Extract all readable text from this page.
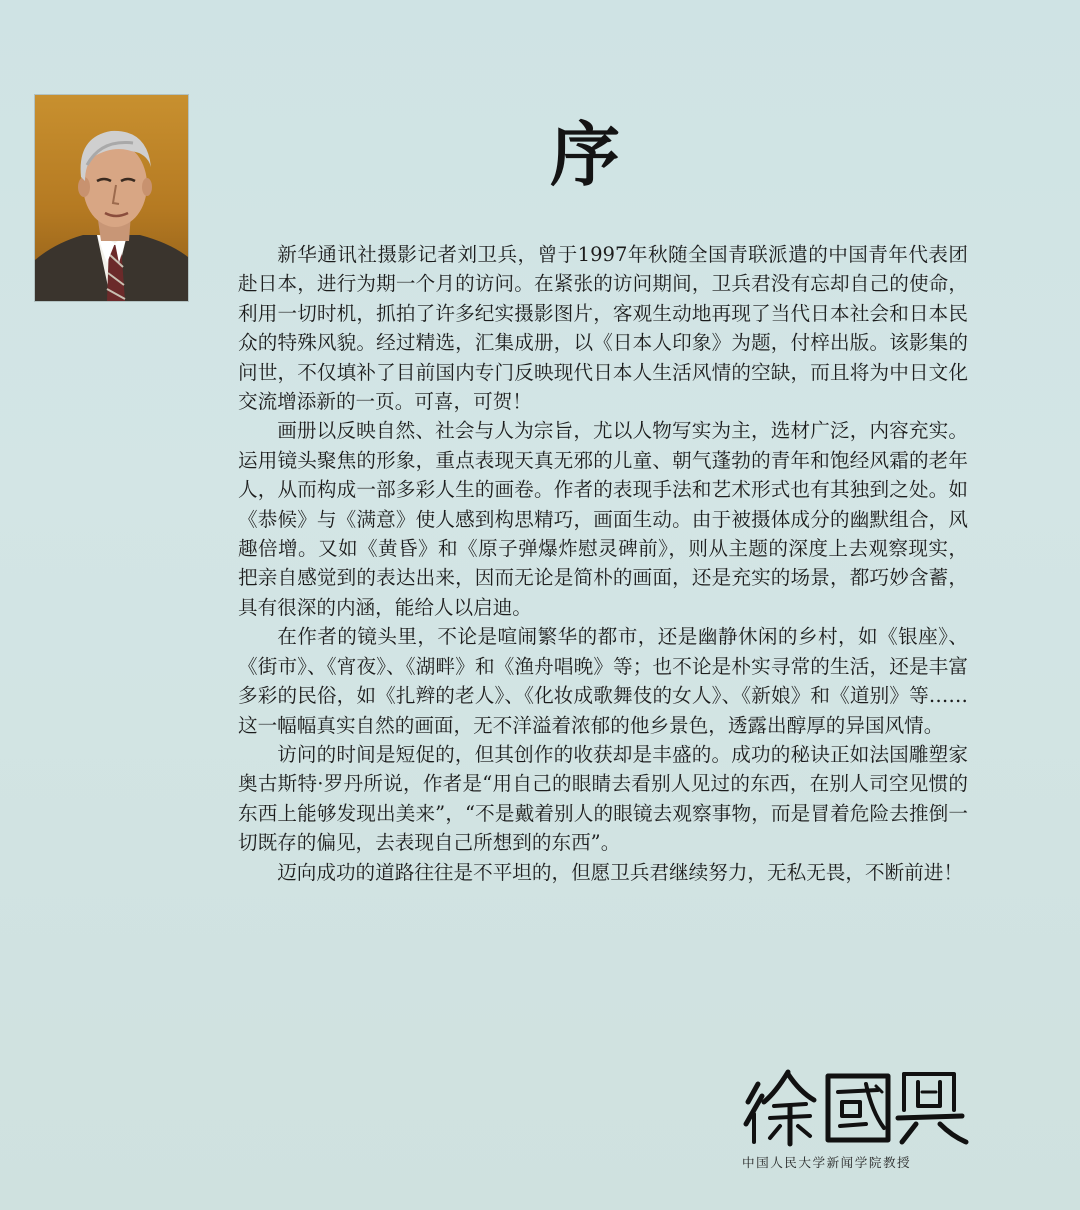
序

新华通讯社摄影记者刘卫兵，曾于1997年秋随全国青联派遣的中国青年代表团赴日本，进行为期一个月的访问。在紧张的访问期间，卫兵君没有忘却自己的使命，利用一切时机，抓拍了许多纪实摄影图片，客观生动地再现了当代日本社会和日本民众的特殊风貌。经过精选，汇集成册，以《日本人印象》为题，付梓出版。该影集的问世，不仅填补了目前国内专门反映现代日本人生活风情的空缺，而且将为中日文化交流增添新的一页。可喜，可贺！

画册以反映自然、社会与人为宗旨，尤以人物写实为主，选材广泛，内容充实。运用镜头聚焦的形象，重点表现天真无邪的儿童、朝气蓬勃的青年和饱经风霜的老年人，从而构成一部多彩人生的画卷。作者的表现手法和艺术形式也有其独到之处。如《恭候》与《满意》使人感到构思精巧，画面生动。由于被摄体成分的幽默组合，风趣倍增。又如《黄昏》和《原子弹爆炸慰灵碑前》，则从主题的深度上去观察现实，把亲自感觉到的表达出来，因而无论是简朴的画面，还是充实的场景，都巧妙含蓄，具有很深的内涵，能给人以启迪。

在作者的镜头里，不论是喧闹繁华的都市，还是幽静休闲的乡村，如《银座》、《街市》、《宵夜》、《湖畔》和《渔舟唱晚》等；也不论是朴实寻常的生活，还是丰富多彩的民俗，如《扎辫的老人》、《化妆成歌舞伎的女人》、《新娘》和《道别》等……这一幅幅真实自然的画面，无不洋溢着浓郁的他乡景色，透露出醇厚的异国风情。

访问的时间是短促的，但其创作的收获却是丰盛的。成功的秘诀正如法国雕塑家奥古斯特·罗丹所说，作者是“用自己的眼睛去看别人见过的东西，在别人司空见惯的东西上能够发现出美来”，“不是戴着别人的眼镜去观察事物，而是冒着危险去推倒一切既存的偏见，去表现自己所想到的东西”。

迈向成功的道路往往是不平坦的，但愿卫兵君继续努力，无私无畏，不断前进！

中国人民大学新闻学院教授
